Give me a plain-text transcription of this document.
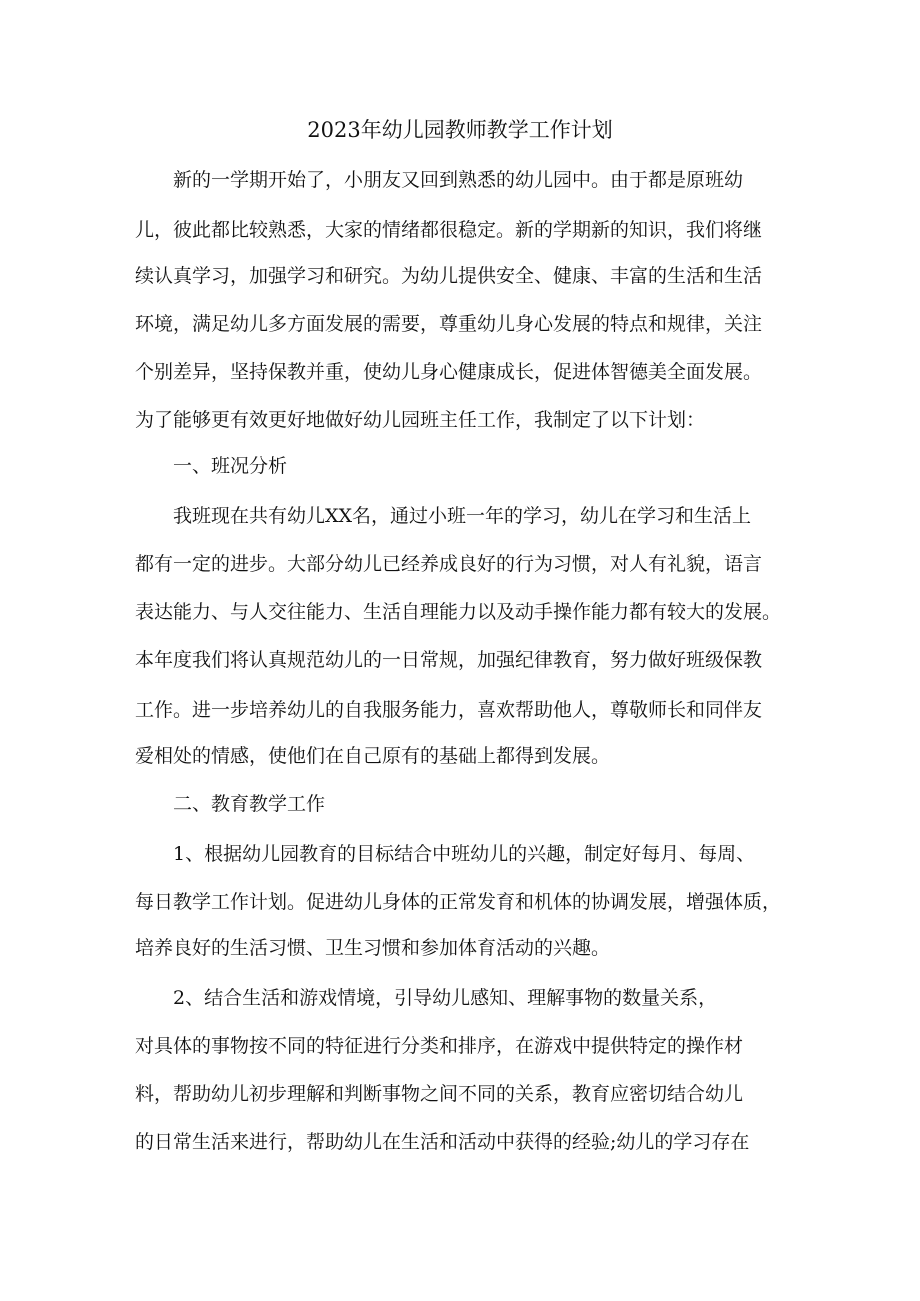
2023年幼儿园教师教学工作计划
新的一学期开始了，小朋友又回到熟悉的幼儿园中。由于都是原班幼
儿，彼此都比较熟悉，大家的情绪都很稳定。新的学期新的知识，我们将继
续认真学习，加强学习和研究。为幼儿提供安全、健康、丰富的生活和生活
环境，满足幼儿多方面发展的需要，尊重幼儿身心发展的特点和规律，关注
个别差异，坚持保教并重，使幼儿身心健康成长，促进体智德美全面发展。
为了能够更有效更好地做好幼儿园班主任工作，我制定了以下计划：
一、班况分析
我班现在共有幼儿XX名，通过小班一年的学习，幼儿在学习和生活上
都有一定的进步。大部分幼儿已经养成良好的行为习惯，对人有礼貌，语言
表达能力、与人交往能力、生活自理能力以及动手操作能力都有较大的发展。
本年度我们将认真规范幼儿的一日常规，加强纪律教育，努力做好班级保教
工作。进一步培养幼儿的自我服务能力，喜欢帮助他人，尊敬师长和同伴友
爱相处的情感，使他们在自己原有的基础上都得到发展。
二、教育教学工作
1、根据幼儿园教育的目标结合中班幼儿的兴趣，制定好每月、每周、
每日教学工作计划。促进幼儿身体的正常发育和机体的协调发展，增强体质，
培养良好的生活习惯、卫生习惯和参加体育活动的兴趣。
2、结合生活和游戏情境，引导幼儿感知、理解事物的数量关系，
对具体的事物按不同的特征进行分类和排序，在游戏中提供特定的操作材
料，帮助幼儿初步理解和判断事物之间不同的关系，教育应密切结合幼儿
的日常生活来进行，帮助幼儿在生活和活动中获得的经验;幼儿的学习存在
